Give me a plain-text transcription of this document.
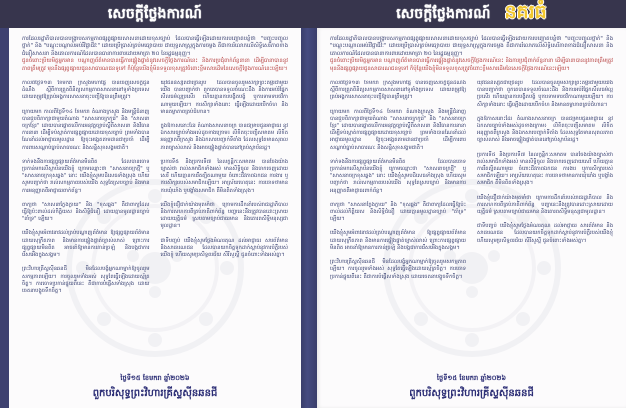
សេចក្តីថ្លែងការណ៍	សេចក្តីថ្លែងការណ៍ នគរធំ
ការដែលរដ្ឋាភិបាលបានបង្ក្រាបសកម្មភាពផ្សព្វផ្សាយសាសនាដោយខុសច្បាប់ ដែលបានធ្វើឡើងដោយការបញ្ឆោតបន្លំថា "បញ្ចុះបញ្ចូលថ្នាក់" និង "បណ្តុះបណ្តាលអប់រំវិជ្ជាជីវៈ" ដោយប្រើប្រាស់គ្រប់មធ្យោបាយ ជាយុទ្ធសាស្ត្រក្នុងការចម្លង គឺជាការរំលោភលើសិទ្ធិសេរីភាពខាងជំនឿសាសនា និងគោលការណ៍ដែលបានធានាការពារដោយមាត្រា ២០ នៃរដ្ឋធម្មនុញ្ញ។
ជូនចំពោះប្រិយមិត្តអ្នកអាន បណ្តាញព័ត៌មានបានធ្វើការផ្ទៀងផ្ទាត់នូវសេចក្តីថ្លែងការណ៍នេះ និងការប្រជុំពាក់ព័ន្ធនានា ដើម្បីធានាបាននូវភាពត្រឹមត្រូវ មុននឹងផ្សព្វផ្សាយជូនសាធារណជនទូទៅ ក៏ប៉ុន្តែយើងខ្ញុំមិនទទួលខុសត្រូវចំពោះខ្លឹមសារដើមនៃសេចក្តីថ្លែងការណ៍នេះឡើយ។

កាលពីថ្ងៃទី១៣ ខែមករា ក្រសួងមហាផ្ទៃ បានចេញសេចក្តីជូនដំណឹង ស្តីពីការត្រួតពិនិត្យសកម្មភាពសាសនានៅទូទាំងប្រទេស ដោយតម្រូវឱ្យគ្រប់អង្គការសាសនាចុះបញ្ជីឱ្យបានត្រឹមត្រូវ។

ក្រោយមក កាលពីថ្ងៃទី១៤ ខែមករា តំណាងក្រសួង និងមន្ត្រីជំនាញ បានជួបពិភាក្សាជាមួយតំណាង "សាសនាចក្រកូរ៉េ" និង "សាសនាចក្រខ្មែរ" ដោយបានផ្តោតលើការអនុវត្តច្បាប់ស្តីពីសាសនា និងវិធានការនានា ដើម្បីទប់ស្កាត់ការផ្សព្វផ្សាយដោយខុសច្បាប់ ព្រមទាំងបានណែនាំដល់អាជ្ញាធរមូលដ្ឋាន ឱ្យចុះអង្កេតតាមដានជាប្រចាំ ដើម្បីការពារសណ្តាប់ធ្នាប់សាធារណៈ និងសន្តិសុខសង្គមជាតិ។

ទាក់ទងនឹងការផ្សព្វផ្សាយព័ត៌មានមិនពិត ដែលបានចោទប្រកាន់មកលើស្ថាប័នយើងខ្ញុំ ក្រោមឈ្មោះថា "សាសនាចក្រថ្មី" ឬ "សាសនាចក្រខុសឆ្គង" នោះ យើងខ្ញុំសូមបដិសេធទាំងស្រុង ហើយសូមបញ្ជាក់ថា រាល់សកម្មភាពរបស់យើង សុទ្ធតែស្របច្បាប់ និងមានការអនុញ្ញាតពីអាជ្ញាធរពាក់ព័ន្ធ។

ពាក្យថា "សាសនាក្លែងក្លាយ" និង "ខុសឆ្គង" គឺជាពាក្យដែលធ្វើឱ្យប៉ះពាល់ដល់កិត្តិយស និងសិទ្ធិជំនឿ ដោយគ្មានមូលដ្ឋានច្បាប់ "គាំទ្រ" ឡើយ។

យើងខ្ញុំសូមអំពាវនាវដល់គ្រប់បណ្តាញព័ត៌មាន ឱ្យផ្សព្វផ្សាយព័ត៌មានដោយសុក្រឹតភាព និងមានការផ្ទៀងផ្ទាត់ច្បាស់លាស់ ព្រោះការផ្សព្វផ្សាយមិនពិត អាចនាំឱ្យមានការភាន់ច្រឡំ និងបង្កជាការរើសអើងក្នុងសង្គម។

ព្រះវិហារគ្រីស្ទស៊ីនឆនជី មិនដែលបង្ខំអ្នកណាម្នាក់ឱ្យចូលរួមសកម្មភាពឡើយ។ ការចូលរួមទាំងអស់ សុទ្ធតែធ្វើឡើងដោយស្ម័គ្រចិត្ត។ ការចោទប្រកាន់ផ្ទុយពីនេះ គឺជាការបំផ្លើសទាំងស្រុង ដោយចេតនាបង្ខូចទឹកចិត្ត។

យុវជននិស្សិតជាច្រើនរូប ដែលបានចូលរួមសិក្សាព្រះគម្ពីរជាមួយយើង បានបញ្ជាក់ថា ពួកគេបានទទួលចំណេះដឹង និងការអប់រំផ្នែកសីលធម៌ល្អប្រសើរ ហើយគ្មានការបង្ខិតបង្ខំ ឬការទាមទារថវិកាណាមួយឡើយ។ ការសិក្សាទាំងនោះ ធ្វើឡើងដោយបើកចំហ និងមានតម្លាភាពគ្រប់ជំហាន។

ក្នុងឱកាសនោះដែរ តំណាងសាសនាចក្រ បានជម្រាបជូនអាជ្ញាធរ នូវឯកសារច្បាប់ទាំងអស់ដូចខាងក្រោម៖ លិខិតចុះបញ្ជីសមាគម លិខិតអនុញ្ញាតពីក្រសួង និងឯកសារបញ្ជាក់ទីតាំង ដែលសុទ្ធតែមានសុពលភាពច្បាស់លាស់ និងអាចផ្ទៀងផ្ទាត់បាននៅគ្រប់ស្ថាប័នរដ្ឋ។

ប្រការទី៥ និងប្រការទី៧ នៃលក្ខន្តិកៈសមាគម បានចែងយ៉ាងច្បាស់ថា រាល់សមាជិកទាំងអស់ មានសិទ្ធិចូល និងចាកចេញដោយសេរី ហើយគ្មានការរឹតត្បិតណាមួយ ចំពោះជីវភាពឯកជន ការងារ ឬការសិក្សារបស់សមាជិកឡើយ។ អាស្រ័យហេតុនេះ ការចោទថាមានការឃុំឃាំង ឬបង្ខាំងសមាជិក គឺមិនពិតទាំងស្រុង។

យើងខ្ញុំជឿជាក់យ៉ាងមុតមាំថា ក្រោមការដឹកនាំរបស់រាជរដ្ឋាភិបាល និងការសហការពីគ្រប់ភាគីពាក់ព័ន្ធ បញ្ហានេះនឹងត្រូវបានដោះស្រាយដោយយុត្តិធម៌ ស្របតាមច្បាប់ជាធរមាន និងគោរពសិទ្ធិមនុស្សជាមូលដ្ឋាន។

ជាទីបញ្ចប់ យើងខ្ញុំសូមថ្លែងអំណរគុណ ដល់អាជ្ញាធរ សារព័ត៌មាន និងសាធារណជន ដែលបានយកចិត្តទុកដាក់ស្តាប់នូវការបំភ្លឺរបស់យើងខ្ញុំ ហើយសូមប្រសិទ្ធពរជ័យ សិរីសួស្តី ជូនចំពោះទាំងអស់គ្នា។

ថ្ងៃទី១៥ ខែមករា ឆ្នាំ២០២៦
ពួកបរិសុទ្ធព្រះវិហារគ្រីស្ទស៊ីនឆនជី
ការដែលរដ្ឋាភិបាលបានបង្ក្រាបសកម្មភាពផ្សព្វផ្សាយសាសនាដោយខុសច្បាប់ ដែលបានធ្វើឡើងដោយការបញ្ឆោតបន្លំថា "បញ្ចុះបញ្ចូលថ្នាក់" និង "បណ្តុះបណ្តាលអប់រំវិជ្ជាជីវៈ" ដោយប្រើប្រាស់គ្រប់មធ្យោបាយ ជាយុទ្ធសាស្ត្រក្នុងការចម្លង គឺជាការរំលោភលើសិទ្ធិសេរីភាពខាងជំនឿសាសនា និងគោលការណ៍ដែលបានធានាការពារដោយមាត្រា ២០ នៃរដ្ឋធម្មនុញ្ញ។
ជូនចំពោះប្រិយមិត្តអ្នកអាន បណ្តាញព័ត៌មានបានធ្វើការផ្ទៀងផ្ទាត់នូវសេចក្តីថ្លែងការណ៍នេះ និងការប្រជុំពាក់ព័ន្ធនានា ដើម្បីធានាបាននូវភាពត្រឹមត្រូវ មុននឹងផ្សព្វផ្សាយជូនសាធារណជនទូទៅ ក៏ប៉ុន្តែយើងខ្ញុំមិនទទួលខុសត្រូវចំពោះខ្លឹមសារដើមនៃសេចក្តីថ្លែងការណ៍នេះឡើយ។

កាលពីថ្ងៃទី១៣ ខែមករា ក្រសួងមហាផ្ទៃ បានចេញសេចក្តីជូនដំណឹង ស្តីពីការត្រួតពិនិត្យសកម្មភាពសាសនានៅទូទាំងប្រទេស ដោយតម្រូវឱ្យគ្រប់អង្គការសាសនាចុះបញ្ជីឱ្យបានត្រឹមត្រូវ។

ក្រោយមក កាលពីថ្ងៃទី១៤ ខែមករា តំណាងក្រសួង និងមន្ត្រីជំនាញ បានជួបពិភាក្សាជាមួយតំណាង "សាសនាចក្រកូរ៉េ" និង "សាសនាចក្រខ្មែរ" ដោយបានផ្តោតលើការអនុវត្តច្បាប់ស្តីពីសាសនា និងវិធានការនានា ដើម្បីទប់ស្កាត់ការផ្សព្វផ្សាយដោយខុសច្បាប់ ព្រមទាំងបានណែនាំដល់អាជ្ញាធរមូលដ្ឋាន ឱ្យចុះអង្កេតតាមដានជាប្រចាំ ដើម្បីការពារសណ្តាប់ធ្នាប់សាធារណៈ និងសន្តិសុខសង្គមជាតិ។

ទាក់ទងនឹងការផ្សព្វផ្សាយព័ត៌មានមិនពិត ដែលបានចោទប្រកាន់មកលើស្ថាប័នយើងខ្ញុំ ក្រោមឈ្មោះថា "សាសនាចក្រថ្មី" ឬ "សាសនាចក្រខុសឆ្គង" នោះ យើងខ្ញុំសូមបដិសេធទាំងស្រុង ហើយសូមបញ្ជាក់ថា រាល់សកម្មភាពរបស់យើង សុទ្ធតែស្របច្បាប់ និងមានការអនុញ្ញាតពីអាជ្ញាធរពាក់ព័ន្ធ។

ពាក្យថា "សាសនាក្លែងក្លាយ" និង "ខុសឆ្គង" គឺជាពាក្យដែលធ្វើឱ្យប៉ះពាល់ដល់កិត្តិយស និងសិទ្ធិជំនឿ ដោយគ្មានមូលដ្ឋានច្បាប់ "គាំទ្រ" ឡើយ។

យើងខ្ញុំសូមអំពាវនាវដល់គ្រប់បណ្តាញព័ត៌មាន ឱ្យផ្សព្វផ្សាយព័ត៌មានដោយសុក្រឹតភាព និងមានការផ្ទៀងផ្ទាត់ច្បាស់លាស់ ព្រោះការផ្សព្វផ្សាយមិនពិត អាចនាំឱ្យមានការភាន់ច្រឡំ និងបង្កជាការរើសអើងក្នុងសង្គម។

ព្រះវិហារគ្រីស្ទស៊ីនឆនជី មិនដែលបង្ខំអ្នកណាម្នាក់ឱ្យចូលរួមសកម្មភាពឡើយ។ ការចូលរួមទាំងអស់ សុទ្ធតែធ្វើឡើងដោយស្ម័គ្រចិត្ត។ ការចោទប្រកាន់ផ្ទុយពីនេះ គឺជាការបំផ្លើសទាំងស្រុង ដោយចេតនាបង្ខូចទឹកចិត្ត។

យុវជននិស្សិតជាច្រើនរូប ដែលបានចូលរួមសិក្សាព្រះគម្ពីរជាមួយយើង បានបញ្ជាក់ថា ពួកគេបានទទួលចំណេះដឹង និងការអប់រំផ្នែកសីលធម៌ល្អប្រសើរ ហើយគ្មានការបង្ខិតបង្ខំ ឬការទាមទារថវិកាណាមួយឡើយ។ ការសិក្សាទាំងនោះ ធ្វើឡើងដោយបើកចំហ និងមានតម្លាភាពគ្រប់ជំហាន។

ក្នុងឱកាសនោះដែរ តំណាងសាសនាចក្រ បានជម្រាបជូនអាជ្ញាធរ នូវឯកសារច្បាប់ទាំងអស់ដូចខាងក្រោម៖ លិខិតចុះបញ្ជីសមាគម លិខិតអនុញ្ញាតពីក្រសួង និងឯកសារបញ្ជាក់ទីតាំង ដែលសុទ្ធតែមានសុពលភាពច្បាស់លាស់ និងអាចផ្ទៀងផ្ទាត់បាននៅគ្រប់ស្ថាប័នរដ្ឋ។

ប្រការទី៥ និងប្រការទី៧ នៃលក្ខន្តិកៈសមាគម បានចែងយ៉ាងច្បាស់ថា រាល់សមាជិកទាំងអស់ មានសិទ្ធិចូល និងចាកចេញដោយសេរី ហើយគ្មានការរឹតត្បិតណាមួយ ចំពោះជីវភាពឯកជន ការងារ ឬការសិក្សារបស់សមាជិកឡើយ។ អាស្រ័យហេតុនេះ ការចោទថាមានការឃុំឃាំង ឬបង្ខាំងសមាជិក គឺមិនពិតទាំងស្រុង។

យើងខ្ញុំជឿជាក់យ៉ាងមុតមាំថា ក្រោមការដឹកនាំរបស់រាជរដ្ឋាភិបាល និងការសហការពីគ្រប់ភាគីពាក់ព័ន្ធ បញ្ហានេះនឹងត្រូវបានដោះស្រាយដោយយុត្តិធម៌ ស្របតាមច្បាប់ជាធរមាន និងគោរពសិទ្ធិមនុស្សជាមូលដ្ឋាន។

ជាទីបញ្ចប់ យើងខ្ញុំសូមថ្លែងអំណរគុណ ដល់អាជ្ញាធរ សារព័ត៌មាន និងសាធារណជន ដែលបានយកចិត្តទុកដាក់ស្តាប់នូវការបំភ្លឺរបស់យើងខ្ញុំ ហើយសូមប្រសិទ្ធពរជ័យ សិរីសួស្តី ជូនចំពោះទាំងអស់គ្នា។

ថ្ងៃទី១៥ ខែមករា ឆ្នាំ២០២៦
ពួកបរិសុទ្ធព្រះវិហារគ្រីស្ទស៊ីនឆនជី
